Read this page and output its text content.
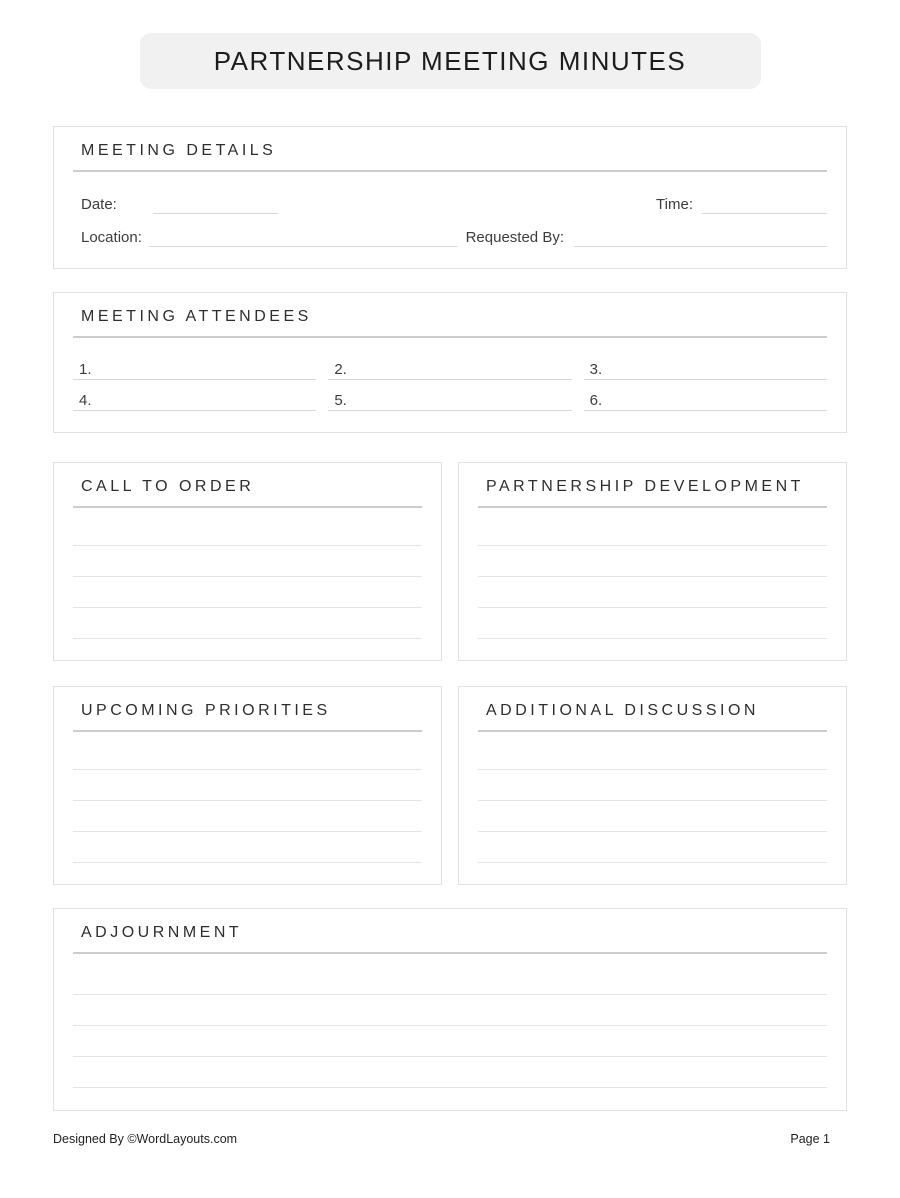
PARTNERSHIP MEETING MINUTES
MEETING DETAILS
Date:	Time:
Location:	Requested By:
MEETING ATTENDEES
1.	2.	3.
4.	5.	6.
CALL TO ORDER	PARTNERSHIP DEVELOPMENT
UPCOMING PRIORITIES	ADDITIONAL DISCUSSION
ADJOURNMENT
Designed By ©WordLayouts.com	Page 1
